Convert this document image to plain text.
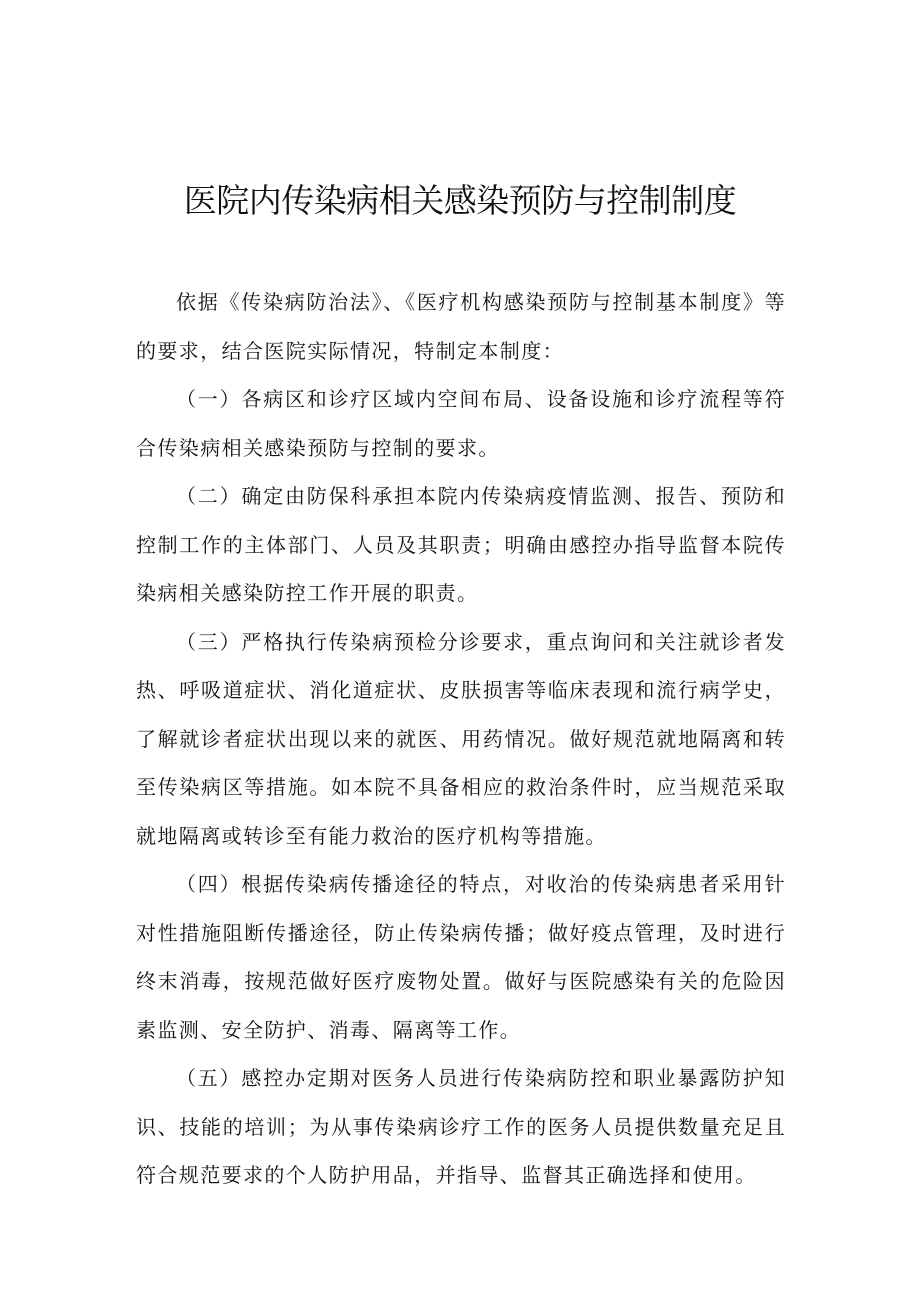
医院内传染病相关感染预防与控制制度

依据《传染病防治法》、《医疗机构感染预防与控制基本制度》等的要求，结合医院实际情况，特制定本制度：

（一）各病区和诊疗区域内空间布局、设备设施和诊疗流程等符合传染病相关感染预防与控制的要求。

（二）确定由防保科承担本院内传染病疫情监测、报告、预防和控制工作的主体部门、人员及其职责；明确由感控办指导监督本院传染病相关感染防控工作开展的职责。

（三）严格执行传染病预检分诊要求，重点询问和关注就诊者发热、呼吸道症状、消化道症状、皮肤损害等临床表现和流行病学史，了解就诊者症状出现以来的就医、用药情况。做好规范就地隔离和转至传染病区等措施。如本院不具备相应的救治条件时，应当规范采取就地隔离或转诊至有能力救治的医疗机构等措施。

（四）根据传染病传播途径的特点，对收治的传染病患者采用针对性措施阻断传播途径，防止传染病传播；做好疫点管理，及时进行终末消毒，按规范做好医疗废物处置。做好与医院感染有关的危险因素监测、安全防护、消毒、隔离等工作。

（五）感控办定期对医务人员进行传染病防控和职业暴露防护知识、技能的培训；为从事传染病诊疗工作的医务人员提供数量充足且符合规范要求的个人防护用品，并指导、监督其正确选择和使用。
